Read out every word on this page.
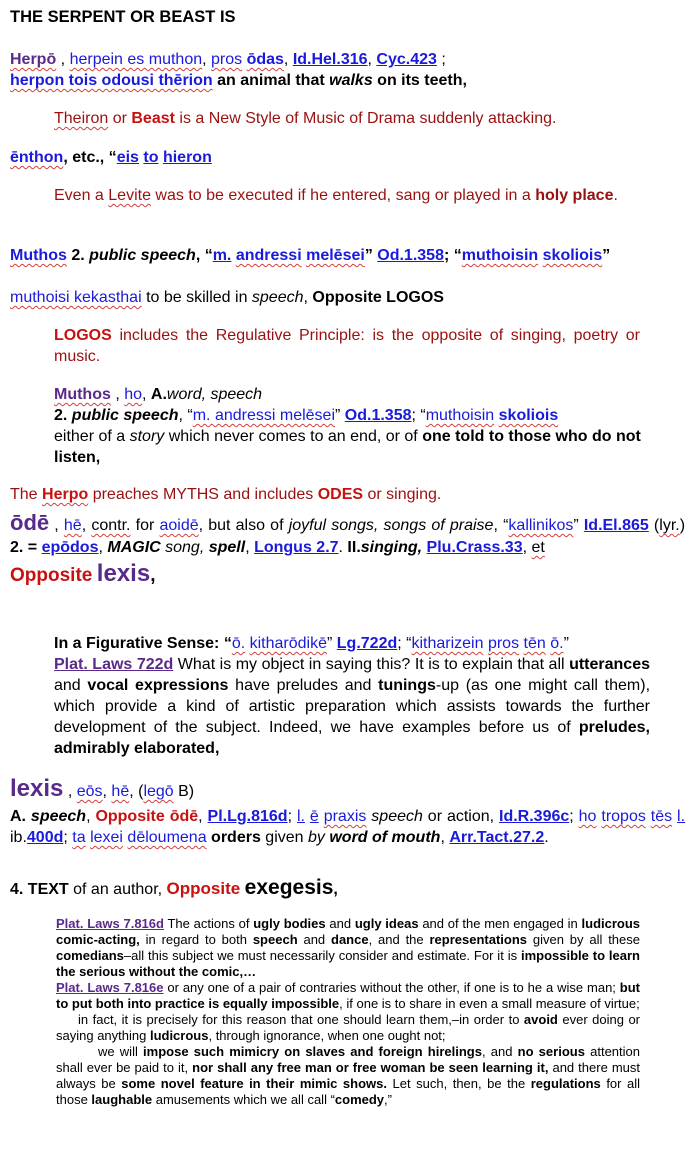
THE SERPENT OR BEAST IS

Herpō , herpein es muthon, pros ōdas, Id.Hel.316, Cyc.423 ;
herpon tois odousi thērion an animal that walks on its teeth,

Theiron or Beast is a New Style of Music of Drama suddenly attacking.

ēnthon, etc., “eis to hieron

Even a Levite was to be executed if he entered, sang or played in a holy place.

Muthos 2. public speech, “m. andressi melēsei” Od.1.358; “muthoisin skoliois”

muthoisi kekasthai to be skilled in speech, Opposite LOGOS

LOGOS includes the Regulative Principle: is the opposite of singing, poetry or music.

Muthos , ho, A.word, speech
2. public speech, “m. andressi melēsei” Od.1.358; “muthoisin skoliois
either of a story which never comes to an end, or of one told to those who do not listen,

The Herpo preaches MYTHS and includes ODES or singing.

ōdē , hē, contr. for aoidē, but also of joyful songs, songs of praise, “kallinikos” Id.El.865 (lyr.) 2. = epōdos, MAGIC song, spell, Longus 2.7. II.singing, Plu.Crass.33, et
Opposite lexis,

In a Figurative Sense: “ō. kitharōdikē” Lg.722d; “kitharizein pros tēn ō.”
Plat. Laws 722d What is my object in saying this? It is to explain that all utterances and vocal expressions have preludes and tunings-up (as one might call them), which provide a kind of artistic preparation which assists towards the further development of the subject. Indeed, we have examples before us of preludes, admirably elaborated,

lexis , eōs, hē, (legō B)
A. speech, Opposite ōdē, Pl.Lg.816d; l. ē praxis speech or action, Id.R.396c; ho tropos tēs l. ib.400d; ta lexei dēloumena orders given by word of mouth, Arr.Tact.27.2.

4. TEXT of an author, Opposite exegesis,

Plat. Laws 7.816d The actions of ugly bodies and ugly ideas and of the men engaged in ludicrous comic-acting, in regard to both speech and dance, and the representations given by all these comedians–all this subject we must necessarily consider and estimate. For it is impossible to learn the serious without the comic,…

Plat. Laws 7.816e or any one of a pair of contraries without the other, if one is to he a wise man; but to put both into practice is equally impossible, if one is to share in even a small measure of virtue;

in fact, it is precisely for this reason that one should learn them,–in order to avoid ever doing or saying anything ludicrous, through ignorance, when one ought not;

we will impose such mimicry on slaves and foreign hirelings, and no serious attention shall ever be paid to it, nor shall any free man or free woman be seen learning it, and there must always be some novel feature in their mimic shows. Let such, then, be the regulations for all those laughable amusements which we all call “comedy,”
